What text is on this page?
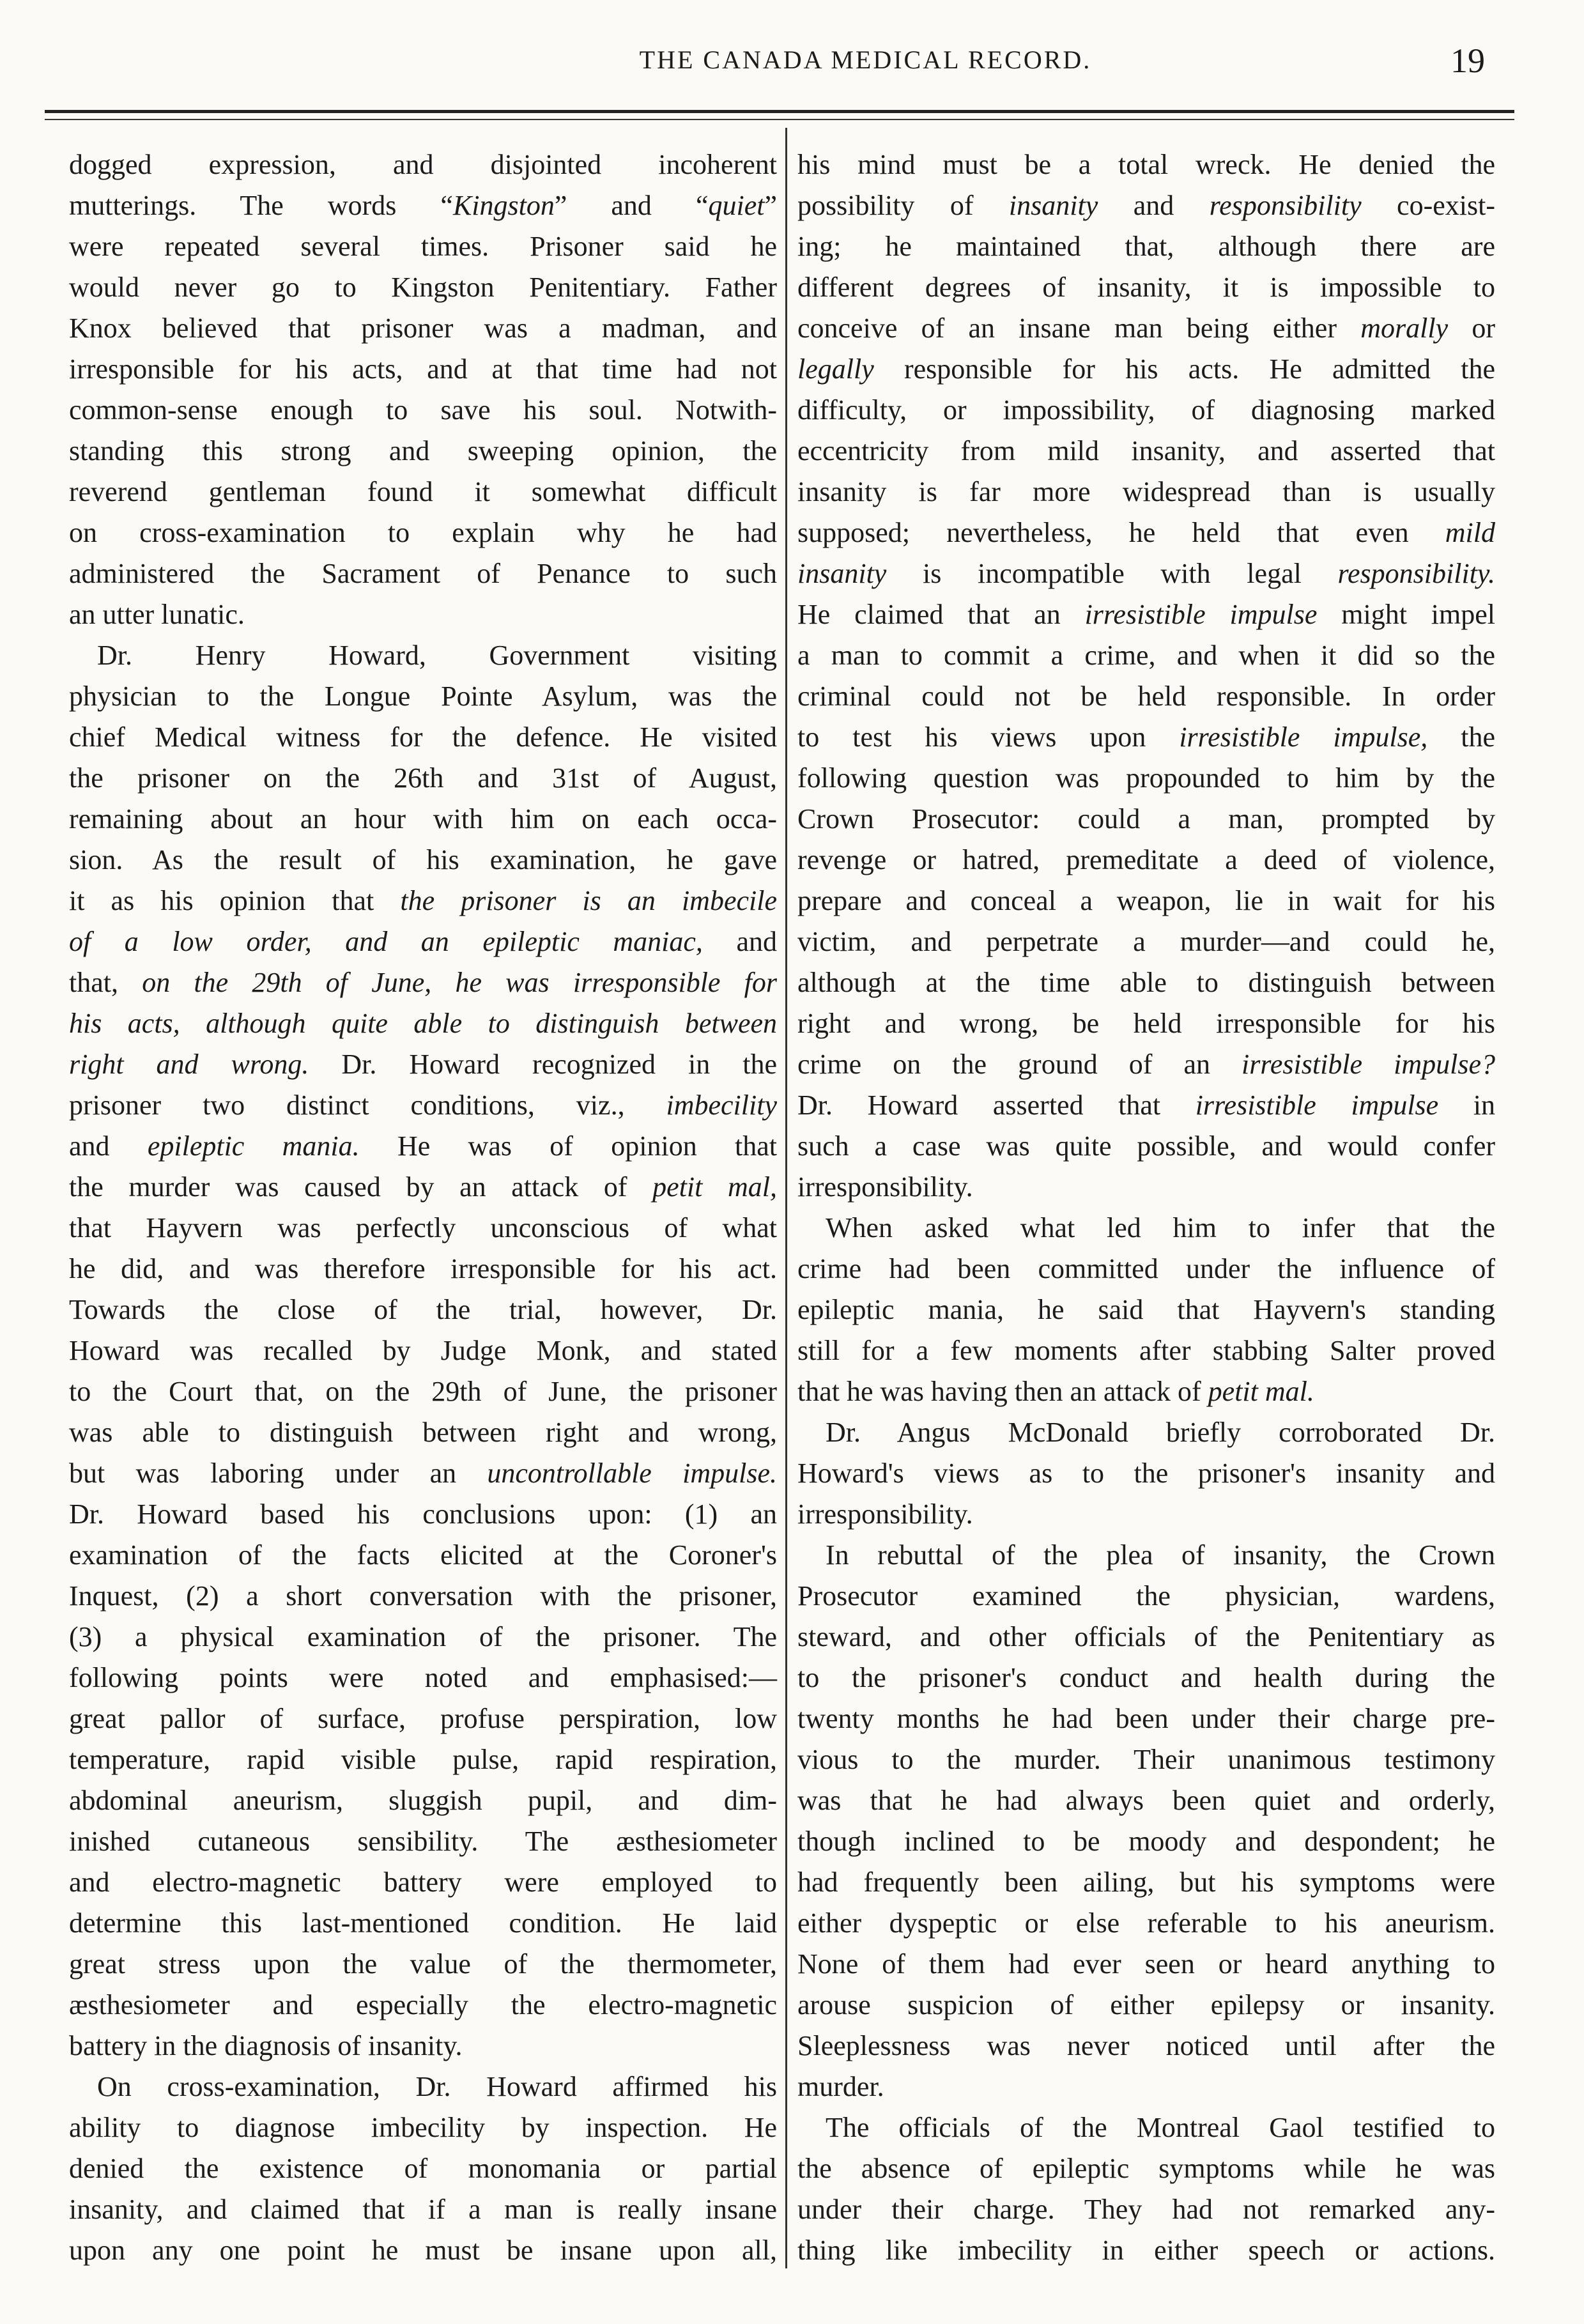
THE CANADA MEDICAL RECORD.	19
dogged expression, and disjointed incoherent
mutterings. The words “Kingston” and “quiet”
were repeated several times. Prisoner said he
would never go to Kingston Penitentiary. Father
Knox believed that prisoner was a madman, and
irresponsible for his acts, and at that time had not
common-sense enough to save his soul. Notwith-
standing this strong and sweeping opinion, the
reverend gentleman found it somewhat difficult
on cross-examination to explain why he had
administered the Sacrament of Penance to such
an utter lunatic.
Dr. Henry Howard, Government visiting
physician to the Longue Pointe Asylum, was the
chief Medical witness for the defence. He visited
the prisoner on the 26th and 31st of August,
remaining about an hour with him on each occa-
sion. As the result of his examination, he gave
it as his opinion that the prisoner is an imbecile
of a low order, and an epileptic maniac, and
that, on the 29th of June, he was irresponsible for
his acts, although quite able to distinguish between
right and wrong. Dr. Howard recognized in the
prisoner two distinct conditions, viz., imbecility
and epileptic mania. He was of opinion that
the murder was caused by an attack of petit mal,
that Hayvern was perfectly unconscious of what
he did, and was therefore irresponsible for his act.
Towards the close of the trial, however, Dr.
Howard was recalled by Judge Monk, and stated
to the Court that, on the 29th of June, the prisoner
was able to distinguish between right and wrong,
but was laboring under an uncontrollable impulse.
Dr. Howard based his conclusions upon: (1) an
examination of the facts elicited at the Coroner's
Inquest, (2) a short conversation with the prisoner,
(3) a physical examination of the prisoner. The
following points were noted and emphasised:—
great pallor of surface, profuse perspiration, low
temperature, rapid visible pulse, rapid respiration,
abdominal aneurism, sluggish pupil, and dim-
inished cutaneous sensibility. The æsthesiometer
and electro-magnetic battery were employed to
determine this last-mentioned condition. He laid
great stress upon the value of the thermometer,
æsthesiometer and especially the electro-magnetic
battery in the diagnosis of insanity.
On cross-examination, Dr. Howard affirmed his
ability to diagnose imbecility by inspection. He
denied the existence of monomania or partial
insanity, and claimed that if a man is really insane
upon any one point he must be insane upon all,
his mind must be a total wreck. He denied the
possibility of insanity and responsibility co-exist-
ing; he maintained that, although there are
different degrees of insanity, it is impossible to
conceive of an insane man being either morally or
legally responsible for his acts. He admitted the
difficulty, or impossibility, of diagnosing marked
eccentricity from mild insanity, and asserted that
insanity is far more widespread than is usually
supposed; nevertheless, he held that even mild
insanity is incompatible with legal responsibility.
He claimed that an irresistible impulse might impel
a man to commit a crime, and when it did so the
criminal could not be held responsible. In order
to test his views upon irresistible impulse, the
following question was propounded to him by the
Crown Prosecutor: could a man, prompted by
revenge or hatred, premeditate a deed of violence,
prepare and conceal a weapon, lie in wait for his
victim, and perpetrate a murder—and could he,
although at the time able to distinguish between
right and wrong, be held irresponsible for his
crime on the ground of an irresistible impulse?
Dr. Howard asserted that irresistible impulse in
such a case was quite possible, and would confer
irresponsibility.
When asked what led him to infer that the
crime had been committed under the influence of
epileptic mania, he said that Hayvern's standing
still for a few moments after stabbing Salter proved
that he was having then an attack of petit mal.
Dr. Angus McDonald briefly corroborated Dr.
Howard's views as to the prisoner's insanity and
irresponsibility.
In rebuttal of the plea of insanity, the Crown
Prosecutor examined the physician, wardens,
steward, and other officials of the Penitentiary as
to the prisoner's conduct and health during the
twenty months he had been under their charge pre-
vious to the murder. Their unanimous testimony
was that he had always been quiet and orderly,
though inclined to be moody and despondent; he
had frequently been ailing, but his symptoms were
either dyspeptic or else referable to his aneurism.
None of them had ever seen or heard anything to
arouse suspicion of either epilepsy or insanity.
Sleeplessness was never noticed until after the
murder.
The officials of the Montreal Gaol testified to
the absence of epileptic symptoms while he was
under their charge. They had not remarked any-
thing like imbecility in either speech or actions.
